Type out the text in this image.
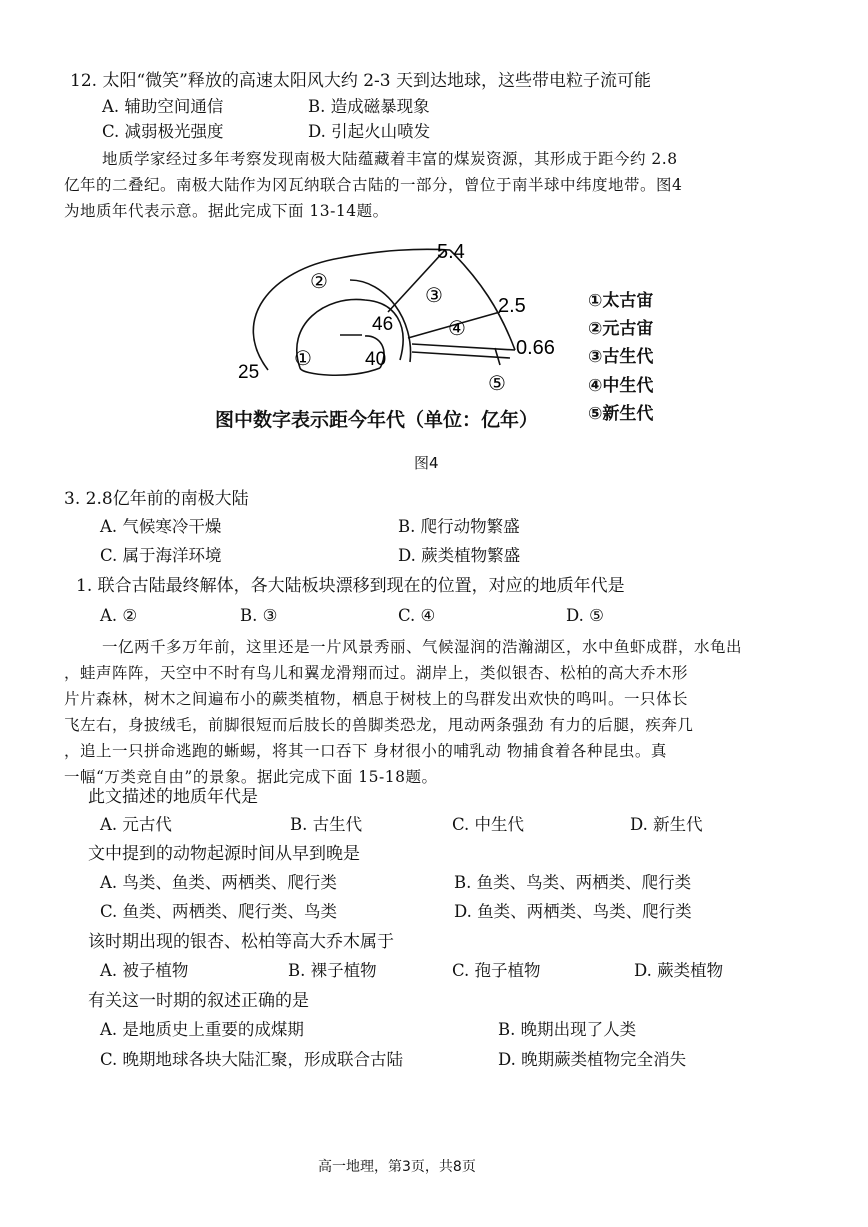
12. 太阳“微笑”释放的高速太阳风大约 2-3 天到达地球，这些带电粒子流可能
A. 辅助空间通信	B. 造成磁暴现象
C. 减弱极光强度	D. 引起火山喷发
地质学家经过多年考察发现南极大陆蕴藏着丰富的煤炭资源，其形成于距今约 2.8
亿年的二叠纪。南极大陆作为冈瓦纳联合古陆的一部分，曾位于南半球中纬度地带。图4
为地质年代表示意。据此完成下面 13-14题。
5.4
2.5
0.66
46
40
25
②
③
④
①
⑤
①太古宙
②元古宙
③古生代
④中生代
⑤新生代
图中数字表示距今年代（单位：亿年）
图4
3. 2.8亿年前的南极大陆
A. 气候寒冷干燥	B. 爬行动物繁盛
C. 属于海洋环境	D. 蕨类植物繁盛
1. 联合古陆最终解体，各大陆板块漂移到现在的位置，对应的地质年代是
A. ②	B. ③	C. ④	D. ⑤
一亿两千多万年前，这里还是一片风景秀丽、气候湿润的浩瀚湖区，水中鱼虾成群，水龟出
，蛙声阵阵，天空中不时有鸟儿和翼龙滑翔而过。湖岸上，类似银杏、松柏的高大乔木形
片片森林，树木之间遍布小的蕨类植物，栖息于树枝上的鸟群发出欢快的鸣叫。一只体长
飞左右，身披绒毛，前脚很短而后肢长的兽脚类恐龙，甩动两条强劲 有力的后腿，疾奔几
，追上一只拼命逃跑的蜥蜴，将其一口吞下 身材很小的哺乳动 物捕食着各种昆虫。真
一幅“万类竞自由”的景象。据此完成下面 15-18题。
此文描述的地质年代是
A. 元古代	B. 古生代	C. 中生代	D. 新生代
文中提到的动物起源时间从早到晚是
A. 鸟类、鱼类、两栖类、爬行类	B. 鱼类、鸟类、两栖类、爬行类
C. 鱼类、两栖类、爬行类、鸟类	D. 鱼类、两栖类、鸟类、爬行类
该时期出现的银杏、松柏等高大乔木属于
A. 被子植物	B. 裸子植物	C. 孢子植物	D. 蕨类植物
有关这一时期的叙述正确的是
A. 是地质史上重要的成煤期	B. 晚期出现了人类
C. 晚期地球各块大陆汇聚，形成联合古陆	D. 晚期蕨类植物完全消失
高一地理，第3页，共8页
